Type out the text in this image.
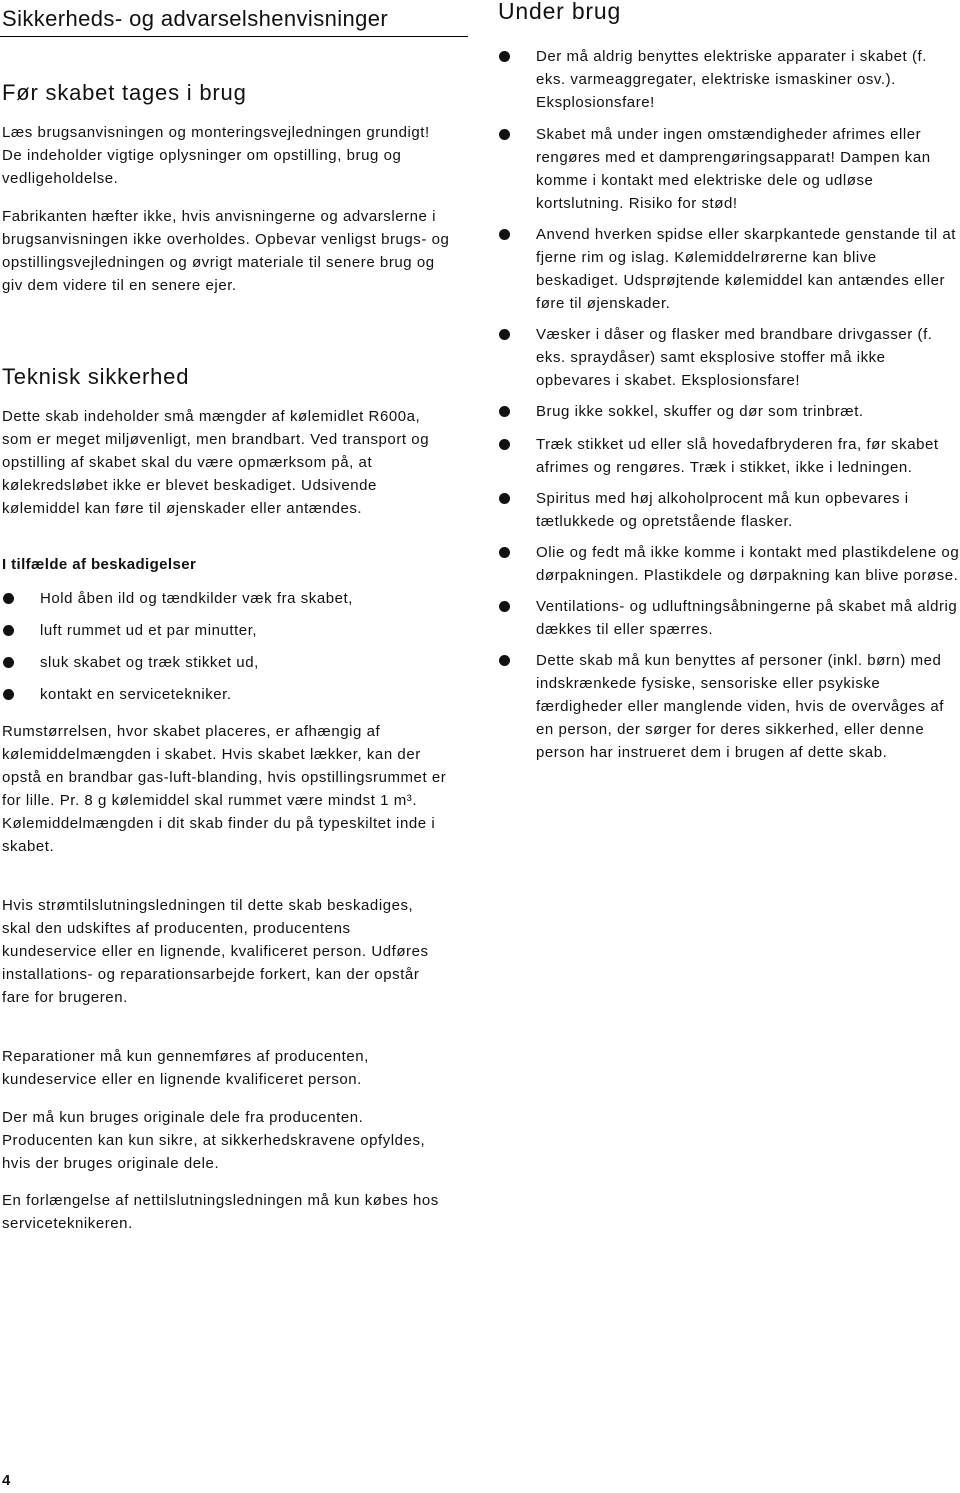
Sikkerheds- og advarselshenvisninger
Før skabet tages i brug

Læs brugsanvisningen og monteringsvejledningen grundigt! De indeholder vigtige oplysninger om opstilling, brug og vedligeholdelse.

Fabrikanten hæfter ikke, hvis anvisningerne og advarslerne i brugsanvisningen ikke overholdes. Opbevar venligst brugs- og opstillingsvejledningen og øvrigt materiale til senere brug og giv dem videre til en senere ejer.

Teknisk sikkerhed

Dette skab indeholder små mængder af kølemidlet R600a, som er meget miljøvenligt, men brandbart. Ved transport og opstilling af skabet skal du være opmærksom på, at kølekredsløbet ikke er blevet beskadiget. Udsivende kølemiddel kan føre til øjenskader eller antændes.

I tilfælde af beskadigelser
Hold åben ild og tændkilder væk fra skabet,
luft rummet ud et par minutter,
sluk skabet og træk stikket ud,
kontakt en servicetekniker.

Rumstørrelsen, hvor skabet placeres, er afhængig af kølemiddelmængden i skabet. Hvis skabet lækker, kan der opstå en brandbar gas-luft-blanding, hvis opstillingsrummet er for lille. Pr. 8 g kølemiddel skal rummet være mindst 1 m³. Kølemiddelmængden i dit skab finder du på typeskiltet inde i skabet.

Hvis strømtilslutningsledningen til dette skab beskadiges, skal den udskiftes af producenten, producentens kundeservice eller en lignende, kvalificeret person. Udføres installations- og reparationsarbejde forkert, kan der opstår fare for brugeren.

Reparationer må kun gennemføres af producenten, kundeservice eller en lignende kvalificeret person.

Der må kun bruges originale dele fra producenten. Producenten kan kun sikre, at sikkerhedskravene opfyldes, hvis der bruges originale dele.

En forlængelse af nettilslutningsledningen må kun købes hos serviceteknikeren.

Under brug
Der må aldrig benyttes elektriske apparater i skabet (f. eks. varmeaggregater, elektriske ismaskiner osv.). Eksplosionsfare!
Skabet må under ingen omstændigheder afrimes eller rengøres med et damprengøringsapparat! Dampen kan komme i kontakt med elektriske dele og udløse kortslutning. Risiko for stød!
Anvend hverken spidse eller skarpkantede genstande til at fjerne rim og islag. Kølemiddelrørerne kan blive beskadiget. Udsprøjtende kølemiddel kan antændes eller føre til øjenskader.
Væsker i dåser og flasker med brandbare drivgasser (f. eks. spraydåser) samt eksplosive stoffer må ikke opbevares i skabet. Eksplosionsfare!
Brug ikke sokkel, skuffer og dør som trinbræt.
Træk stikket ud eller slå hovedafbryderen fra, før skabet afrimes og rengøres. Træk i stikket, ikke i ledningen.
Spiritus med høj alkoholprocent må kun opbevares i tætlukkede og opretstående flasker.
Olie og fedt må ikke komme i kontakt med plastikdelene og dørpakningen. Plastikdele og dørpakning kan blive porøse.
Ventilations- og udluftningsåbningerne på skabet må aldrig dækkes til eller spærres.
Dette skab må kun benyttes af personer (inkl. børn) med indskrænkede fysiske, sensoriske eller psykiske færdigheder eller manglende viden, hvis de overvåges af en person, der sørger for deres sikkerhed, eller denne person har instrueret dem i brugen af dette skab.
4
